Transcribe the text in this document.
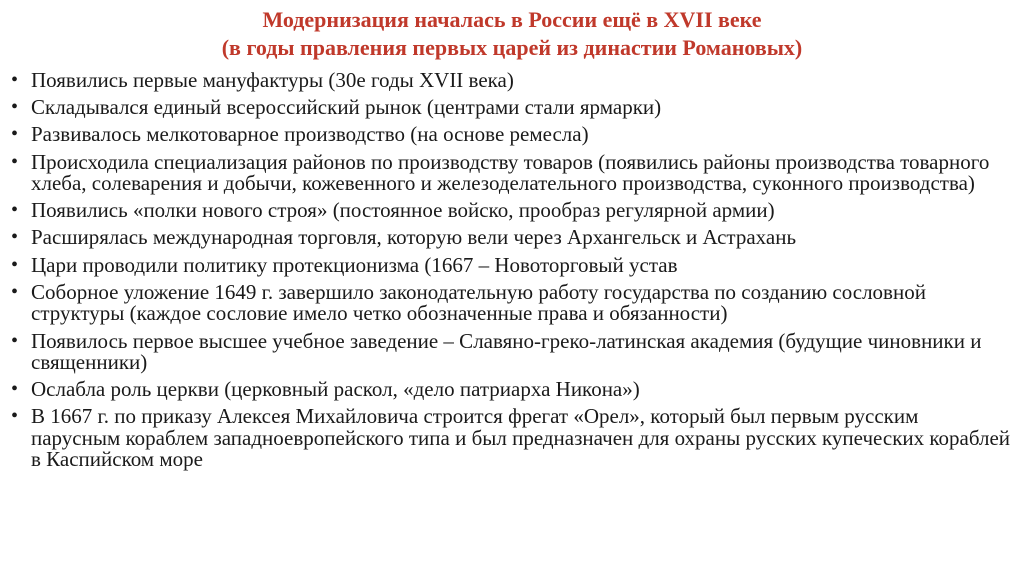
Модернизация началась в России ещё в XVII веке
(в годы правления первых царей из династии Романовых)
• Появились первые мануфактуры (30е годы XVII века)
• Складывался единый всероссийский рынок (центрами стали ярмарки)
• Развивалось мелкотоварное производство (на основе ремесла)
• Происходила специализация районов по производству товаров (появились районы производства товарного хлеба, солеварения и добычи, кожевенного и железоделательного производства, суконного производства)
• Появились «полки нового строя» (постоянное войско, прообраз регулярной армии)
• Расширялась международная торговля, которую вели через Архангельск и Астрахань
• Цари проводили политику протекционизма (1667 – Новоторговый устав
• Соборное уложение 1649 г. завершило законодательную работу государства по созданию сословной структуры (каждое сословие имело четко обозначенные права и обязанности)
• Появилось первое высшее учебное заведение – Славяно-греко-латинская академия (будущие чиновники и священники)
• Ослабла роль церкви (церковный раскол, «дело патриарха Никона»)
• В 1667 г. по приказу Алексея Михайловича строится фрегат «Орел», который был первым русским парусным кораблем западноевропейского типа и был предназначен для охраны русских купеческих кораблей в Каспийском море
